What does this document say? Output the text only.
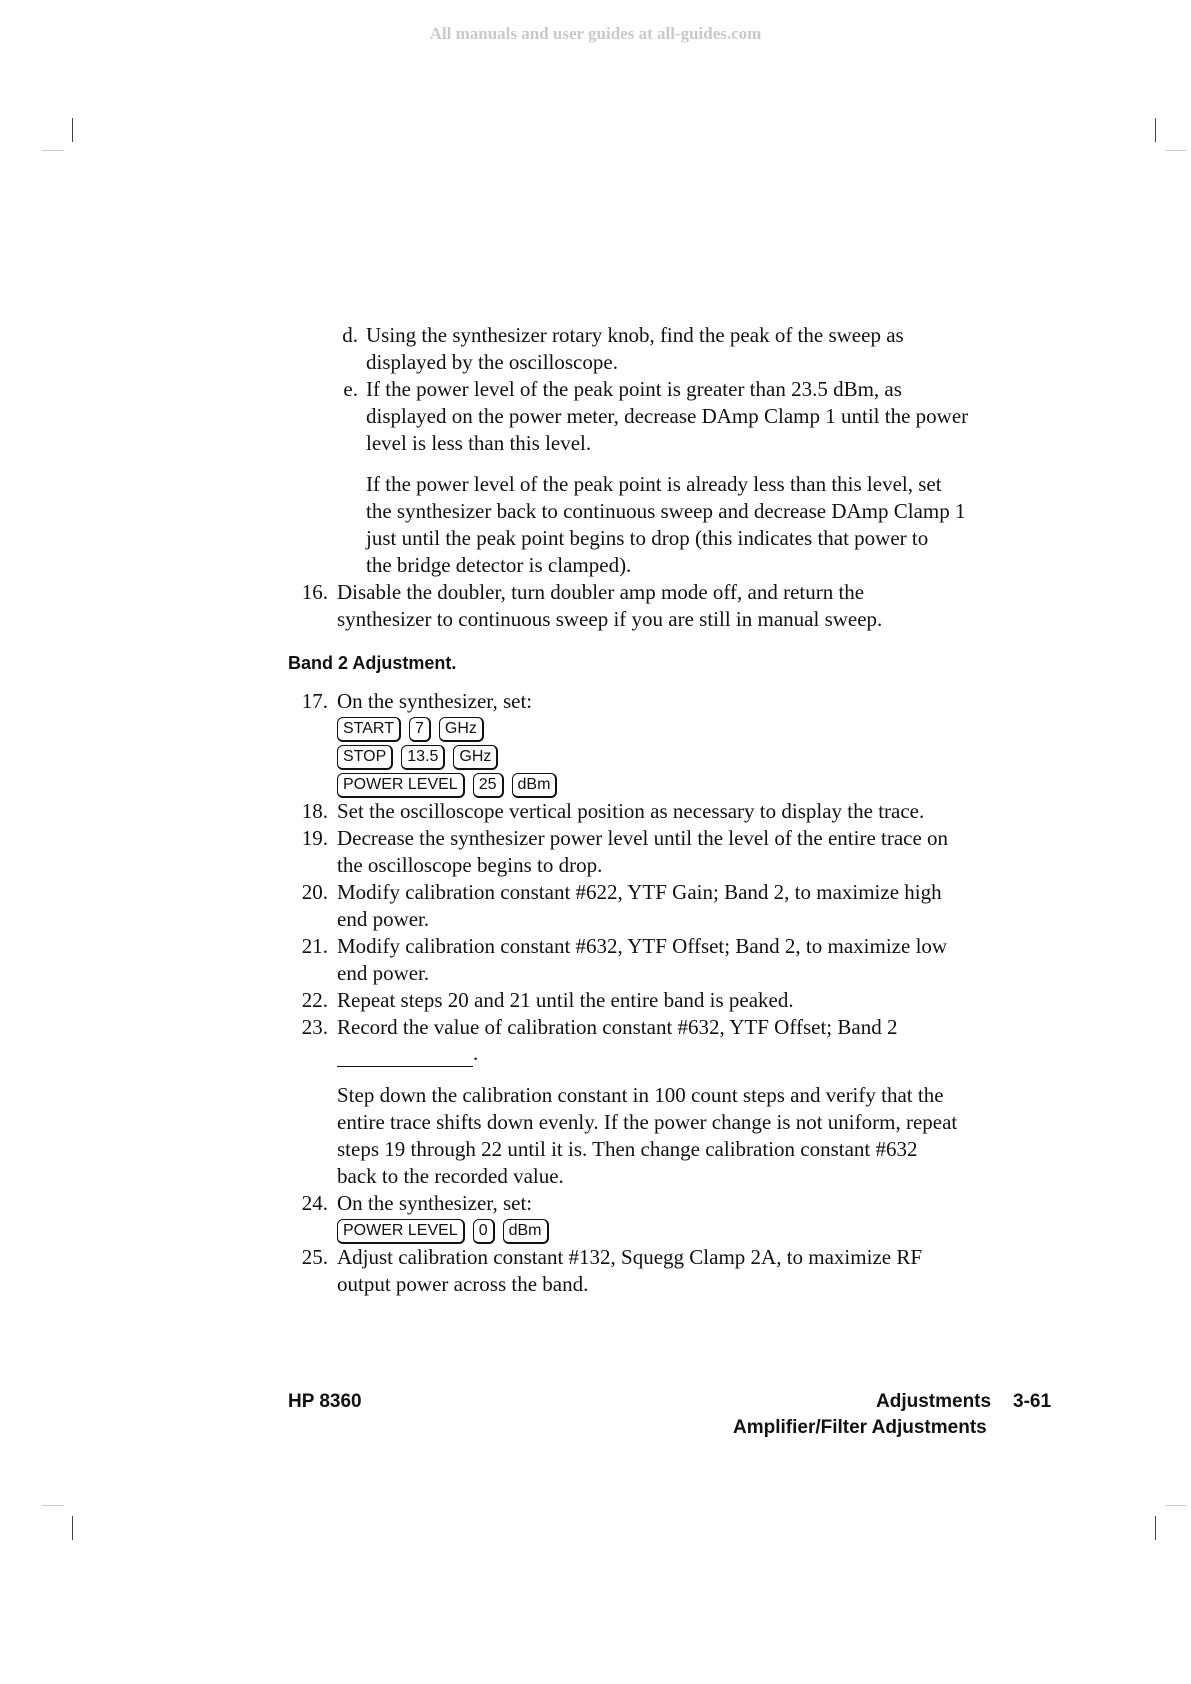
All manuals and user guides at all-guides.com
d. Using the synthesizer rotary knob, find the peak of the sweep as
displayed by the oscilloscope.
e. If the power level of the peak point is greater than 23.5 dBm, as
displayed on the power meter, decrease DAmp Clamp 1 until the power
level is less than this level.
If the power level of the peak point is already less than this level, set
the synthesizer back to continuous sweep and decrease DAmp Clamp 1
just until the peak point begins to drop (this indicates that power to
the bridge detector is clamped).
16. Disable the doubler, turn doubler amp mode off, and return the
synthesizer to continuous sweep if you are still in manual sweep.
Band 2 Adjustment.
17. On the synthesizer, set:
START	7	GHz
STOP	13.5	GHz
POWER LEVEL	25	dBm
18. Set the oscilloscope vertical position as necessary to display the trace.
19. Decrease the synthesizer power level until the level of the entire trace on
the oscilloscope begins to drop.
20. Modify calibration constant #622, YTF Gain; Band 2, to maximize high
end power.
21. Modify calibration constant #632, YTF Offset; Band 2, to maximize low
end power.
22. Repeat steps 20 and 21 until the entire band is peaked.
23. Record the value of calibration constant #632, YTF Offset; Band 2
.
Step down the calibration constant in 100 count steps and verify that the
entire trace shifts down evenly. If the power change is not uniform, repeat
steps 19 through 22 until it is. Then change calibration constant #632
back to the recorded value.
24. On the synthesizer, set:
POWER LEVEL	0	dBm
25. Adjust calibration constant #132, Squegg Clamp 2A, to maximize RF
output power across the band.
HP 8360	Adjustments 3-61
Amplifier/Filter Adjustments
